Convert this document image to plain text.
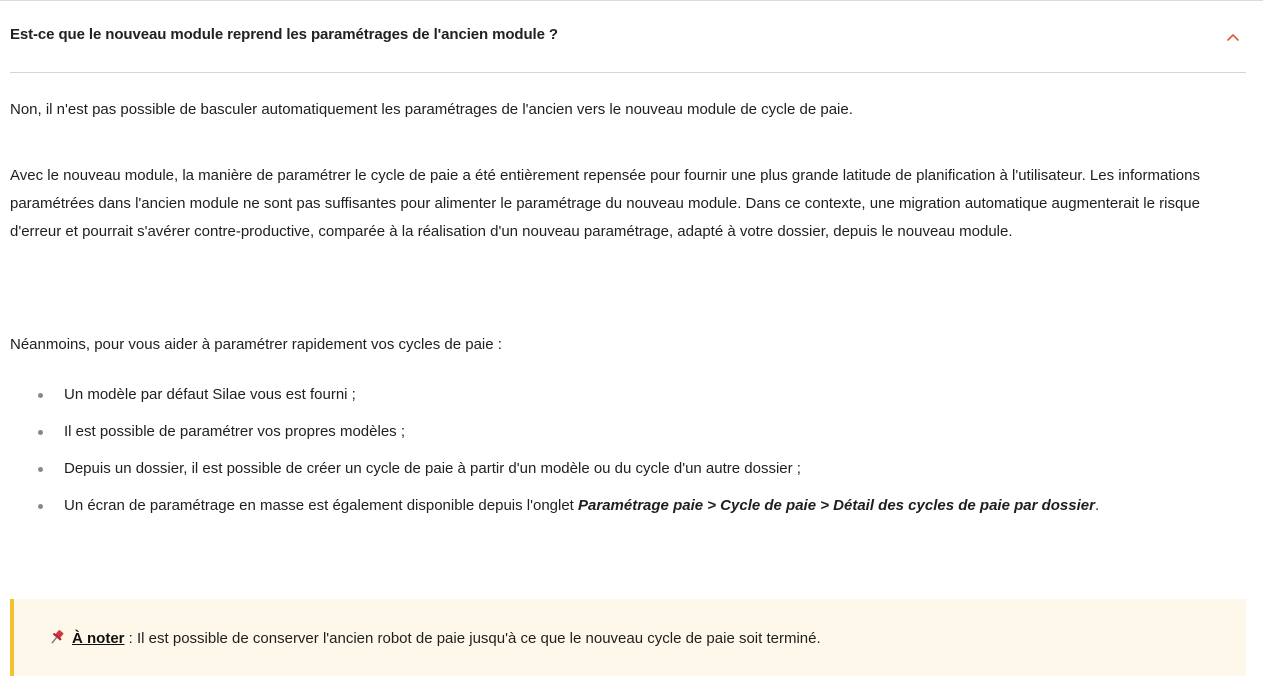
Est-ce que le nouveau module reprend les paramétrages de l'ancien module ?

Non, il n'est pas possible de basculer automatiquement les paramétrages de l'ancien vers le nouveau module de cycle de paie.

Avec le nouveau module, la manière de paramétrer le cycle de paie a été entièrement repensée pour fournir une plus grande latitude de planification à l'utilisateur. Les informations paramétrées dans l'ancien module ne sont pas suffisantes pour alimenter le paramétrage du nouveau module. Dans ce contexte, une migration automatique augmenterait le risque d'erreur et pourrait s'avérer contre-productive, comparée à la réalisation d'un nouveau paramétrage, adapté à votre dossier, depuis le nouveau module.

Néanmoins, pour vous aider à paramétrer rapidement vos cycles de paie :

Un modèle par défaut Silae vous est fourni ;
Il est possible de paramétrer vos propres modèles ;
Depuis un dossier, il est possible de créer un cycle de paie à partir d'un modèle ou du cycle d'un autre dossier ;
Un écran de paramétrage en masse est également disponible depuis l'onglet Paramétrage paie > Cycle de paie > Détail des cycles de paie par dossier.
À noter : Il est possible de conserver l'ancien robot de paie jusqu'à ce que le nouveau cycle de paie soit terminé.
